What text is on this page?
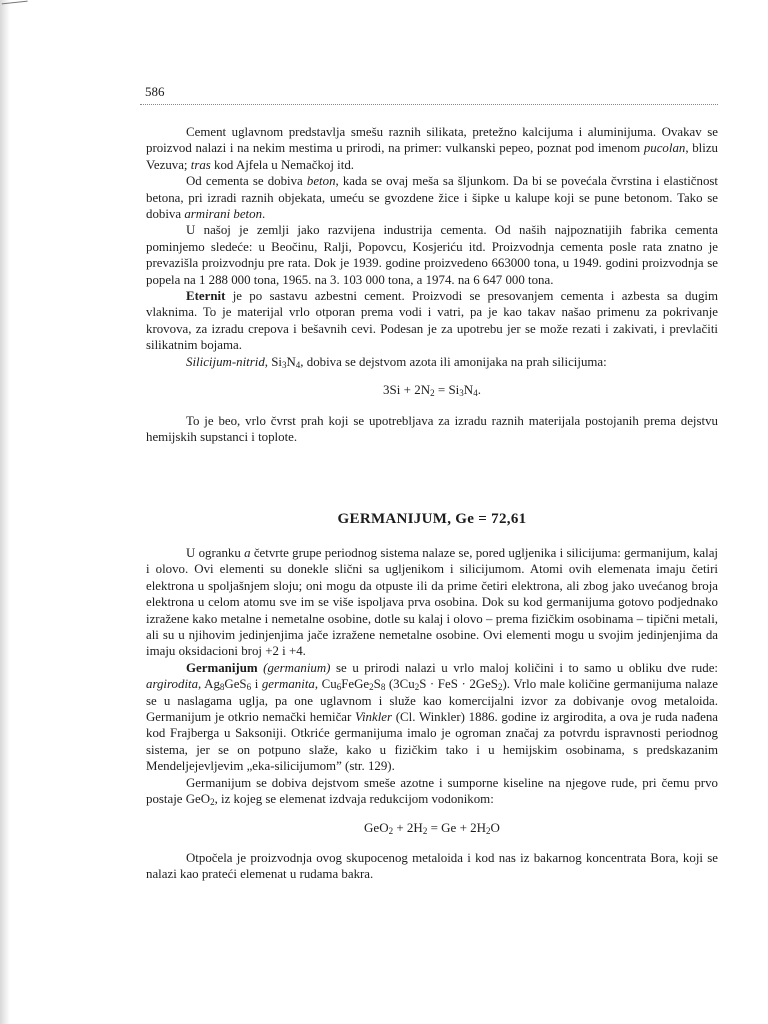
586

Cement uglavnom predstavlja smešu raznih silikata, pretežno kalcijuma i aluminijuma. Ovakav se proizvod nalazi i na nekim mestima u prirodi, na primer: vulkanski pepeo, poznat pod imenom pucolan, blizu Vezuva; tras kod Ajfela u Nemačkoj itd.

Od cementa se dobiva beton, kada se ovaj meša sa šljunkom. Da bi se povećala čvrstina i elastičnost betona, pri izradi raznih objekata, umeću se gvozdene žice i šipke u kalupe koji se pune betonom. Tako se dobiva armirani beton.

U našoj je zemlji jako razvijena industrija cementa. Od naših najpoznatijih fabrika cementa pominjemo sledeće: u Beočinu, Ralji, Popovcu, Kosjeriću itd. Proizvodnja cementa posle rata znatno je prevazišla proizvodnju pre rata. Dok je 1939. godine proizvedeno 663000 tona, u 1949. godini proizvodnja se popela na 1 288 000 tona, 1965. na 3. 103 000 tona, a 1974. na 6 647 000 tona.

Eternit je po sastavu azbestni cement. Proizvodi se presovanjem cementa i azbesta sa dugim vlaknima. To je materijal vrlo otporan prema vodi i vatri, pa je kao takav našao primenu za pokrivanje krovova, za izradu crepova i bešavnih cevi. Podesan je za upotrebu jer se može rezati i zakivati, i prevlačiti silikatnim bojama.

Silicijum-nitrid, $Si_3N_4$, dobiva se dejstvom azota ili amonijaka na prah silicijuma:

$3Si + 2N_2 = Si_3N_4$.

To je beo, vrlo čvrst prah koji se upotrebljava za izradu raznih materijala postojanih prema dejstvu hemijskih supstanci i toplote.

GERMANIJUM, Ge = 72,61

U ogranku a četvrte grupe periodnog sistema nalaze se, pored ugljenika i silicijuma: germanijum, kalaj i olovo. Ovi elementi su donekle slični sa ugljenikom i silicijumom. Atomi ovih elemenata imaju četiri elektrona u spoljašnjem sloju; oni mogu da otpuste ili da prime četiri elektrona, ali zbog jako uvećanog broja elektrona u celom atomu sve im se više ispoljava prva osobina. Dok su kod germanijuma gotovo podjednako izražene kako metalne i nemetalne osobine, dotle su kalaj i olovo – prema fizičkim osobinama – tipični metali, ali su u njihovim jedinjenjima jače izražene nemetalne osobine. Ovi elementi mogu u svojim jedinjenjima da imaju oksidacioni broj +2 i +4.

Germanijum (germanium) se u prirodi nalazi u vrlo maloj količini i to samo u obliku dve rude: argirodita, $Ag_8GeS_6$ i germanita, $Cu_6FeGe_2S_8$ ($3Cu_2S$ · FeS · 2GeS$_2$). Vrlo male količine germanijuma nalaze se u naslagama uglja, pa one uglavnom i služe kao komercijalni izvor za dobivanje ovog metaloida. Germanijum je otkrio nemački hemičar Vinkler (Cl. Winkler) 1886. godine iz argirodita, a ova je ruda nađena kod Frajberga u Saksoniji. Otkriće germanijuma imalo je ogroman značaj za potvrdu ispravnosti periodnog sistema, jer se on potpuno slaže, kako u fizičkim tako i u hemijskim osobinama, s predskazanim Mendeljejevljevim „eka-silicijumom” (str. 129).

Germanijum se dobiva dejstvom smeše azotne i sumporne kiseline na njegove rude, pri čemu prvo postaje GeO$_2$, iz kojeg se elemenat izdvaja redukcijom vodonikom:

$GeO_2 + 2H_2 = Ge + 2H_2O$

Otpočela je proizvodnja ovog skupocenog metaloida i kod nas iz bakarnog koncentrata Bora, koji se nalazi kao prateći elemenat u rudama bakra.
